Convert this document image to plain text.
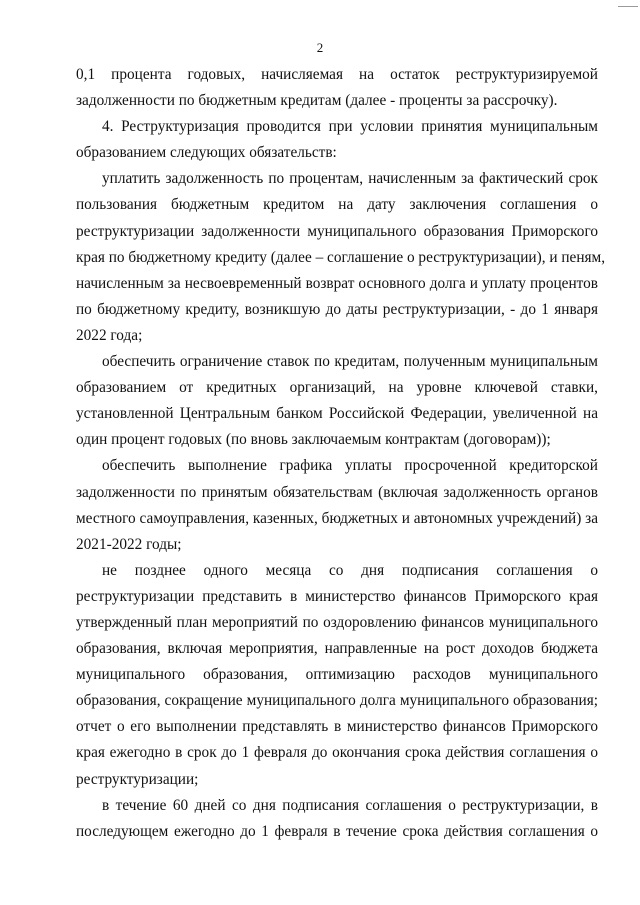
2
0,1 процента годовых, начисляемая на остаток реструктуризируемой
задолженности по бюджетным кредитам (далее - проценты за рассрочку).
4. Реструктуризация проводится при условии принятия муниципальным
образованием следующих обязательств:
уплатить задолженность по процентам, начисленным за фактический срок
пользования бюджетным кредитом на дату заключения соглашения о
реструктуризации задолженности муниципального образования Приморского
края по бюджетному кредиту (далее – соглашение о реструктуризации), и пеням,
начисленным за несвоевременный возврат основного долга и уплату процентов
по бюджетному кредиту, возникшую до даты реструктуризации, - до 1 января
2022 года;
обеспечить ограничение ставок по кредитам, полученным муниципальным
образованием от кредитных организаций, на уровне ключевой ставки,
установленной Центральным банком Российской Федерации, увеличенной на
один процент годовых (по вновь заключаемым контрактам (договорам));
обеспечить выполнение графика уплаты просроченной кредиторской
задолженности по принятым обязательствам (включая задолженность органов
местного самоуправления, казенных, бюджетных и автономных учреждений) за
2021-2022 годы;
не позднее одного месяца со дня подписания соглашения о
реструктуризации представить в министерство финансов Приморского края
утвержденный план мероприятий по оздоровлению финансов муниципального
образования, включая мероприятия, направленные на рост доходов бюджета
муниципального образования, оптимизацию расходов муниципального
образования, сокращение муниципального долга муниципального образования;
отчет о его выполнении представлять в министерство финансов Приморского
края ежегодно в срок до 1 февраля до окончания срока действия соглашения о
реструктуризации;
в течение 60 дней со дня подписания соглашения о реструктуризации, в
последующем ежегодно до 1 февраля в течение срока действия соглашения о
